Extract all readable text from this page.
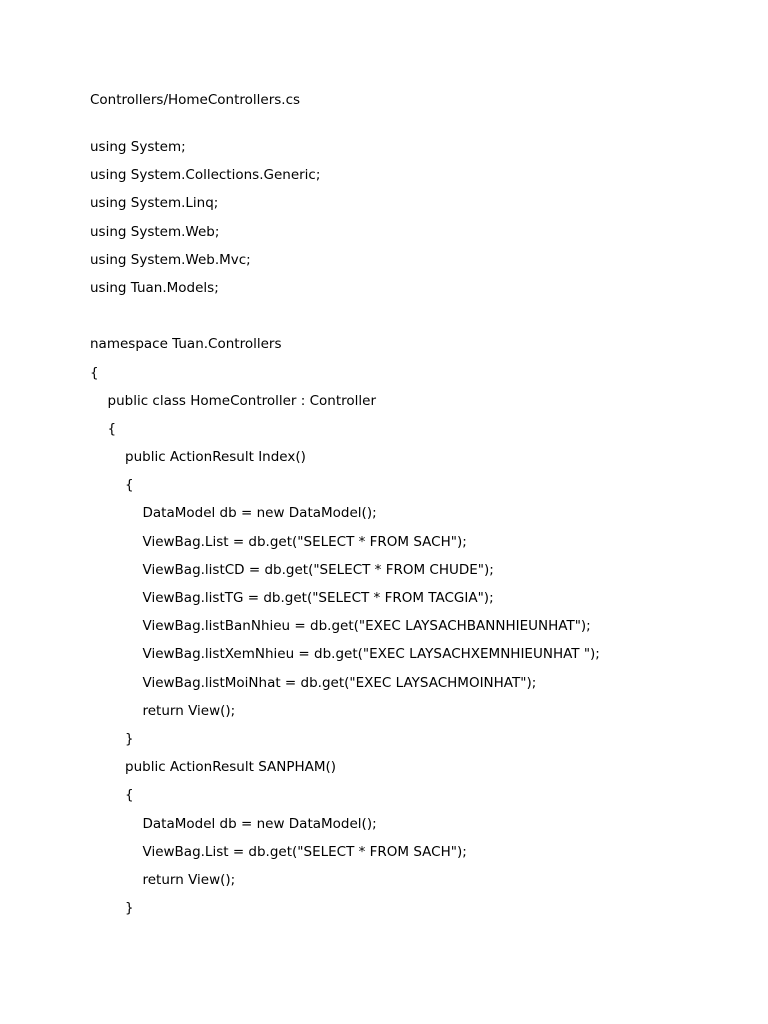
Controllers/HomeControllers.cs
using System;
using System.Collections.Generic;
using System.Linq;
using System.Web;
using System.Web.Mvc;
using Tuan.Models;
namespace Tuan.Controllers
{
public class HomeController : Controller
{
public ActionResult Index()
{
DataModel db = new DataModel();
ViewBag.List = db.get("SELECT * FROM SACH");
ViewBag.listCD = db.get("SELECT * FROM CHUDE");
ViewBag.listTG = db.get("SELECT * FROM TACGIA");
ViewBag.listBanNhieu = db.get("EXEC LAYSACHBANNHIEUNHAT");
ViewBag.listXemNhieu = db.get("EXEC LAYSACHXEMNHIEUNHAT ");
ViewBag.listMoiNhat = db.get("EXEC LAYSACHMOINHAT");
return View();
}
public ActionResult SANPHAM()
{
DataModel db = new DataModel();
ViewBag.List = db.get("SELECT * FROM SACH");
return View();
}
